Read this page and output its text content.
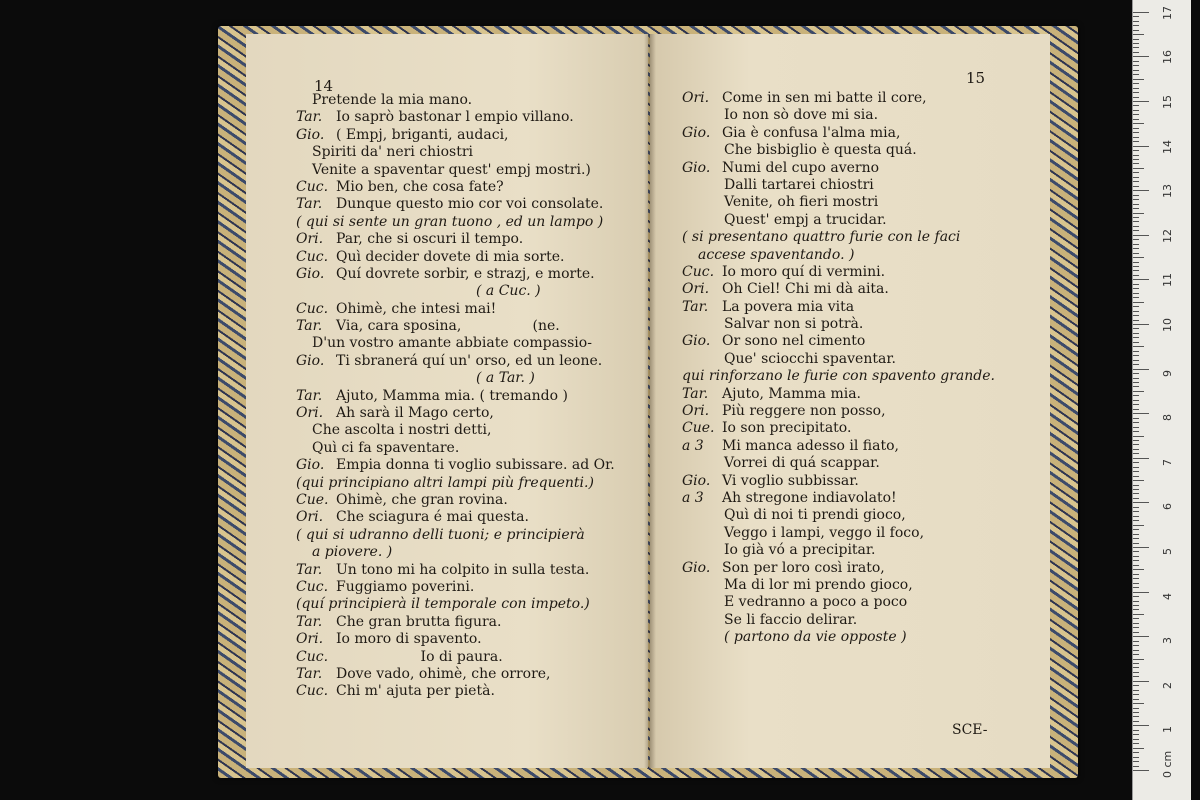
14
Pretende la mia mano.
Tar. Io saprò bastonar l empio villano.
Gio. ( Empj, briganti, audaci,
Spiriti da' neri chiostri
Venite a spaventar quest' empj mostri.)
Cuc. Mio ben, che cosa fate?
Tar. Dunque questo mio cor voi consolate.
( qui si sente un gran tuono , ed un lampo )
Ori. Par, che si oscuri il tempo.
Cuc. Quì decider dovete di mia sorte.
Gio. Quí dovrete sorbir, e strazj, e morte.
( a Cuc. )
Cuc. Ohimè, che intesi mai!
Tar. Via, cara sposina,                (ne.
D'un vostro amante abbiate compassio-
Gio. Ti sbranerá quí un' orso, ed un leone.
( a Tar. )
Tar. Ajuto, Mamma mia. ( tremando )
Ori. Ah sarà il Mago certo,
Che ascolta i nostri detti,
Quì ci fa spaventare.
Gio. Empia donna ti voglio subissare. ad Or.
(qui principiano altri lampi più frequenti.)
Cue. Ohimè, che gran rovina.
Ori. Che sciagura é mai questa.
( qui si udranno delli tuoni; e principierà
a piovere. )
Tar. Un tono mi ha colpito in sulla testa.
Cuc. Fuggiamo poverini.
(quí principierà il temporale con impeto.)
Tar. Che gran brutta figura.
Ori. Io moro di spavento.
Cuc. Io di paura.
Tar. Dove vado, ohimè, che orrore,
Cuc. Chi m' ajuta per pietà.
15
Ori. Come in sen mi batte il core,
Io non sò dove mi sia.
Gio. Gia è confusa l'alma mia,
Che bisbiglio è questa quá.
Gio. Numi del cupo averno
Dalli tartarei chiostri
Venite, oh fieri mostri
Quest' empj a trucidar.
( si presentano quattro furie con le faci
accese spaventando. )
Cuc. Io moro quí di vermini.
Ori. Oh Ciel! Chi mi dà aita.
Tar. La povera mia vita
Salvar non si potrà.
Gio. Or sono nel cimento
Que' sciocchi spaventar.
qui rinforzano le furie con spavento grande.
Tar. Ajuto, Mamma mia.
Ori. Più reggere non posso,
Cue. Io son precipitato.
a 3	Mi manca adesso il fiato,
Vorrei di quá scappar.
Gio. Vi voglio subbissar.
a 3	Ah stregone indiavolato!
Quì di noi ti prendi gioco,
Veggo i lampi, veggo il foco,
Io già vó a precipitar.
Gio. Son per loro così irato,
Ma di lor mi prendo gioco,
E vedranno a poco a poco
Se li faccio delirar.
( partono da vie opposte )
SCE-
0 cm
1
2
3
4
5
6
7
8
9
10
11
12
13
14
15
16
17
